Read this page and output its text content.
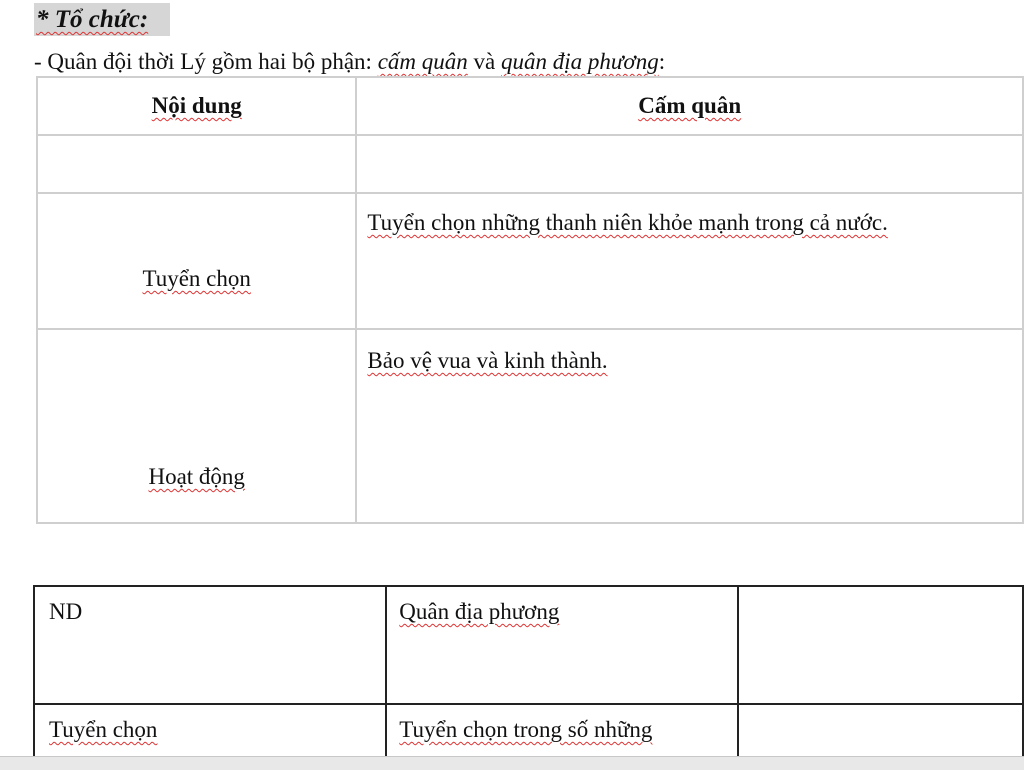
* Tổ chức:
- Quân đội thời Lý gồm hai bộ phận: cấm quân và quân địa phương:
Nội dung	Cấm quân

Tuyển chọn	Tuyển chọn những thanh niên khỏe mạnh trong cả nước.
Hoạt động	Bảo vệ vua và kinh thành.
ND	Quân địa phương	
Tuyển chọn	Tuyển chọn trong số những	
